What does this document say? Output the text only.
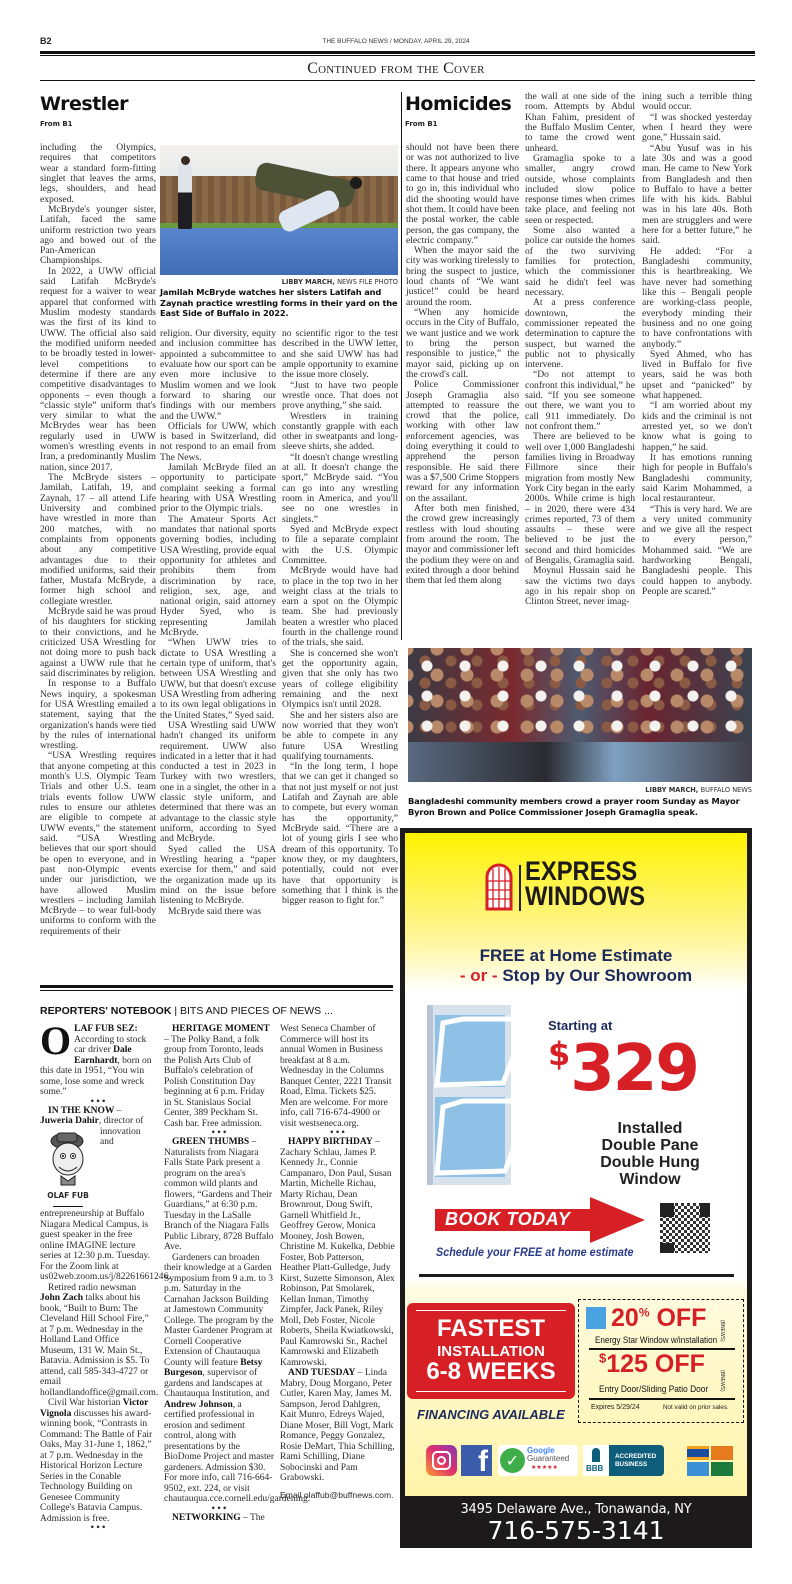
B2	THE BUFFALO NEWS / MONDAY, APRIL 29, 2024
Continued from the Cover
Wrestler
From B1

including the Olympics, requires that competitors wear a standard form-fitting singlet that leaves the arms, legs, shoulders, and head exposed.

McBryde's younger sister, Latifah, faced the same uniform restriction two years ago and bowed out of the Pan-American Championships.

In 2022, a UWW official said Latifah McBryde's request for a waiver to wear apparel that conformed with Muslim modesty standards was the first of its kind to UWW. The official also said the modified uniform needed to be broadly tested in lower-level competitions to determine if there are any competitive disadvantages to opponents – even though a “classic style” uniform that's very similar to what the McBrydes wear has been regularly used in UWW women's wrestling events in Iran, a predominantly Muslim nation, since 2017.

The McBryde sisters – Jamilah, Latifah, 19, and Zaynah, 17 – all attend Life University and combined have wrestled in more than 200 matches, with no complaints from opponents about any competitive advantages due to their modified uniforms, said their father, Mustafa McBryde, a former high school and collegiate wrestler.

McBryde said he was proud of his daughters for sticking to their convictions, and he criticized USA Wrestling for not doing more to push back against a UWW rule that he said discriminates by religion.

In response to a Buffalo News inquiry, a spokesman for USA Wrestling emailed a statement, saying that the organization's hands were tied by the rules of international wrestling.

“USA Wrestling requires that anyone competing at this month's U.S. Olympic Team Trials and other U.S. team trials events follow UWW rules to ensure our athletes are eligible to compete at UWW events,” the statement said. “USA Wrestling believes that our sport should be open to everyone, and in past non-Olympic events under our jurisdiction, we have allowed Muslim wrestlers – including Jamilah McBryde – to wear full-body uniforms to conform with the requirements of their

LIBBY MARCH, NEWS FILE PHOTO
Jamilah McBryde watches her sisters Latifah and Zaynah practice wrestling forms in their yard on the East Side of Buffalo in 2022.

religion. Our diversity, equity and inclusion committee has appointed a subcommittee to evaluate how our sport can be even more inclusive to Muslim women and we look forward to sharing our findings with our members and the UWW.”

Officials for UWW, which is based in Switzerland, did not respond to an email from The News.

Jamilah McBryde filed an opportunity to participate complaint seeking a formal hearing with USA Wrestling prior to the Olympic trials.

The Amateur Sports Act mandates that national sports governing bodies, including USA Wrestling, provide equal opportunity for athletes and prohibits them from discrimination by race, religion, sex, age, and national origin, said attorney Hyder Syed, who is representing Jamilah McBryde.

“When UWW tries to dictate to USA Wrestling a certain type of uniform, that's between USA Wrestling and UWW, but that doesn't excuse USA Wrestling from adhering to its own legal obligations in the United States,” Syed said.

USA Wrestling said UWW hadn't changed its uniform requirement. UWW also indicated in a letter that it had conducted a test in 2023 in Turkey with two wrestlers, one in a singlet, the other in a classic style uniform, and determined that there was an advantage to the classic style uniform, according to Syed and McBryde.

Syed called the USA Wrestling hearing a “paper exercise for them,” and said the organization made up its mind on the issue before listening to McBryde.

McBryde said there was

no scientific rigor to the test described in the UWW letter, and she said UWW has had ample opportunity to examine the issue more closely.

“Just to have two people wrestle once. That does not prove anything,” she said.

Wrestlers in training constantly grapple with each other in sweatpants and long-sleeve shirts, she added.

“It doesn't change wrestling at all. It doesn't change the sport,” McBryde said. “You can go into any wrestling room in America, and you'll see no one wrestles in singlets.”

Syed and McBryde expect to file a separate complaint with the U.S. Olympic Committee.

McBryde would have had to place in the top two in her weight class at the trials to earn a spot on the Olympic team. She had previously beaten a wrestler who placed fourth in the challenge round of the trials, she said.

She is concerned she won't get the opportunity again, given that she only has two years of college eligibility remaining and the next Olympics isn't until 2028.

She and her sisters also are now worried that they won't be able to compete in any future USA Wrestling qualifying tournaments.

“In the long term, I hope that we can get it changed so that not just myself or not just Latifah and Zaynah are able to compete, but every woman has the opportunity,” McBryde said. “There are a lot of young girls I see who dream of this opportunity. To know they, or my daughters, potentially, could not ever have that opportunity is something that I think is the bigger reason to fight for.”

Homicides
From B1

should not have been there or was not authorized to live there. It appears anyone who came to that house and tried to go in, this individual who did the shooting would have shot them. It could have been the postal worker, the cable person, the gas company, the electric company.”

When the mayor said the city was working tirelessly to bring the suspect to justice, loud chants of “We want justice!” could be heard around the room.

“When any homicide occurs in the City of Buffalo, we want justice and we work to bring the person responsible to justice,” the mayor said, picking up on the crowd's call.

Police Commissioner Joseph Gramaglia also attempted to reassure the crowd that the police, working with other law enforcement agencies, was doing everything it could to apprehend the person responsible. He said there was a $7,500 Crime Stoppers reward for any information on the assailant.

After both men finished, the crowd grew increasingly restless with loud shouting from around the room. The mayor and commissioner left the podium they were on and exited through a door behind them that led them along

the wall at one side of the room. Attempts by Abdul Khan Fahim, president of the Buffalo Muslim Center, to tame the crowd went unheard.

Gramaglia spoke to a smaller, angry crowd outside, whose complaints included slow police response times when crimes take place, and feeling not seen or respected.

Some also wanted a police car outside the homes of the two surviving families for protection, which the commissioner said he didn't feel was necessary.

At a press conference downtown, the commissioner repeated the determination to capture the suspect, but warned the public not to physically intervene.

“Do not attempt to confront this individual,” he said. “If you see someone out there, we want you to call 911 immediately. Do not confront them.”

There are believed to be well over 1,000 Bangladeshi families living in Broadway Fillmore since their migration from mostly New York City began in the early 2000s. While crime is high – in 2020, there were 434 crimes reported, 73 of them assaults – these were believed to be just the second and third homicides of Bengalis, Gramaglia said.

Moynul Hussain said he saw the victims two days ago in his repair shop on Clinton Street, never imag-

ining such a terrible thing would occur.

“I was shocked yesterday when I heard they were gone,” Hussain said.

“Abu Yusuf was in his late 30s and was a good man. He came to New York from Bangladesh and then to Buffalo to have a better life with his kids. Bablul was in his late 40s. Both men are strugglers and were here for a better future,” he said.

He added: “For a Bangladeshi community, this is heartbreaking. We have never had something like this – Bengali people are working-class people, everybody minding their business and no one going to have confrontations with anybody.”

Syed Ahmed, who has lived in Buffalo for five years, said he was both upset and “panicked” by what happened.

“I am worried about my kids and the criminal is not arrested yet, so we don't know what is going to happen,” he said.

It has emotions running high for people in Buffalo's Bangladeshi community, said Karim Mohammed, a local restauranteur.

“This is very hard. We are a very united community and we give all the respect to every person,” Mohammed said. “We are hardworking Bengali, Bangladeshi people. This could happen to anybody. People are scared.”

LIBBY MARCH, BUFFALO NEWS
Bangladeshi community members crowd a prayer room Sunday as Mayor Byron Brown and Police Commissioner Joseph Gramaglia speak.
REPORTERS' NOTEBOOK | BITS AND PIECES OF NEWS ...
O LAF FUB SEZ: According to stock car driver Dale Earnhardt, born on this date in 1951, “You win some, lose some and wreck some.”

• • •

IN THE KNOW – Juweria Dahir, director of

OLAF FUB

innovation and entrepreneurship at Buffalo Niagara Medical Campus, is guest speaker in the free online IMAGINE lecture series at 12:30 p.m. Tuesday. For the Zoom link at us02web.zoom.us/j/82261661246.

Retired radio newsman John Zach talks about his book, “Built to Burn: The Cleveland Hill School Fire,” at 7 p.m. Wednesday in the Holland Land Office Museum, 131 W. Main St., Batavia. Admission is $5. To attend, call 585-343-4727 or email hollandlandoffice@gmail.com.

Civil War historian Victor Vignola discusses his award-winning book, “Contrasts in Command: The Battle of Fair Oaks, May 31-June 1, 1862,” at 7 p.m. Wednesday in the Historical Horizon Lecture Series in the Conable Technology Building on Genesee Community College's Batavia Campus. Admission is free.

• • •

HERITAGE MOMENT – The Polky Band, a folk group from Toronto, leads the Polish Arts Club of Buffalo's celebration of Polish Constitution Day beginning at 6 p.m. Friday in St. Stanislaus Social Center, 389 Peckham St. Cash bar. Free admission.

• • •

GREEN THUMBS – Naturalists from Niagara Falls State Park present a program on the area's common wild plants and flowers, “Gardens and Their Guardians,” at 6:30 p.m. Tuesday in the LaSalle Branch of the Niagara Falls Public Library, 8728 Buffalo Ave.

Gardeners can broaden their knowledge at a Garden Symposium from 9 a.m. to 3 p.m. Saturday in the Carnahan Jackson Building at Jamestown Community College. The program by the Master Gardener Program at Cornell Cooperative Extension of Chautauqua County will feature Betsy Burgeson, supervisor of gardens and landscapes at Chautauqua Institution, and Andrew Johnson, a certified professional in erosion and sediment control, along with presentations by the BioDome Project and master gardeners. Admission $30. For more info, call 716-664-9502, ext. 224, or visit chautauqua.cce.cornell.edu/gardening.

• • •

NETWORKING – The

West Seneca Chamber of Commerce will host its annual Women in Business breakfast at 8 a.m. Wednesday in the Columns Banquet Center, 2221 Transit Road, Elma. Tickets $25. Men are welcome. For more info, call 716-674-4900 or visit westseneca.org.

• • •

HAPPY BIRTHDAY – Zachary Schlau, James P. Kennedy Jr., Connie Campanaro, Don Paul, Susan Martin, Michelle Richau, Marty Richau, Dean Brownrout, Doug Swift, Garnell Whitfield Jr., Geoffrey Gerow, Monica Mooney, Josh Bowen, Christine M. Kukelka, Debbie Foster, Bob Patterson, Heather Platt-Gulledge, Judy Kirst, Suzette Simonson, Alex Robinson, Pat Smolarek, Kellan Inman, Timothy Zimpfer, Jack Panek, Riley Moll, Deb Foster, Nicole Roberts, Sheila Kwiatkowski, Paul Kamrowski Sr., Rachel Kamrowski and Elizabeth Kamrowski.

AND TUESDAY – Linda Mabry, Doug Morgano, Peter Cutler, Karen May, James M. Sampson, Jerod Dahlgren, Kait Munro, Edreys Wajed, Diane Moser, Bill Vogt, Mark Romance, Peggy Gonzalez, Rosie DeMart, Thia Schilling, Rami Schilling, Diane Sobocinski and Pam Grabowski.

Email olaffub@buffnews.com.

EXPRESS
WINDOWS
FREE at Home Estimate
- or - Stop by Our Showroom
Starting at
$329
Installed
Double Pane
Double Hung
Window
BOOK TODAY
Schedule your FREE at home estimate
FASTEST
INSTALLATION
6-8 WEEKS
FINANCING AVAILABLE
20% OFF
Energy Star Window w/installation
$125 OFF
Entry Door/Sliding Patio Door
Expires 5/29/24	Not valid on prior sales.
(BNEWS)
(BNEWS)
f	✓
Google
Guaranteed
★★★★★	BBB
ACCREDITED
BUSINESS
3495 Delaware Ave., Tonawanda, NY
716-575-3141
